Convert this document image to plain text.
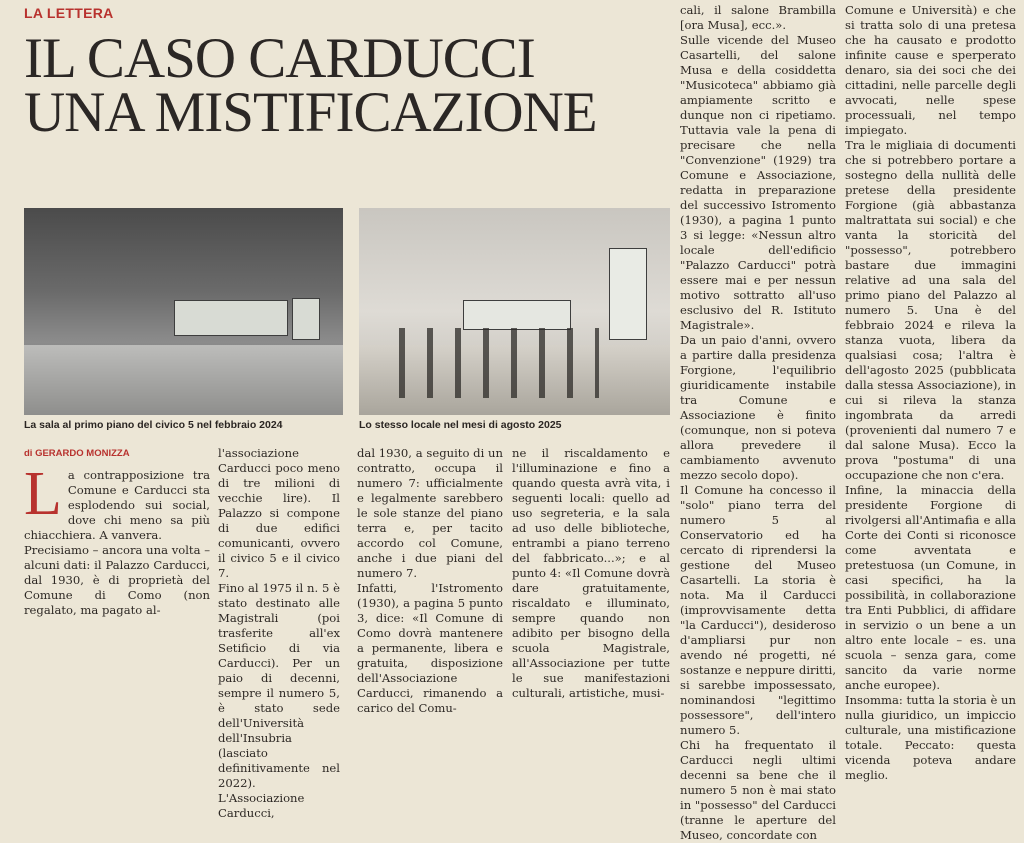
LA LETTERA
IL CASO CARDUCCI
UNA MISTIFICAZIONE
La sala al primo piano del civico 5 nel febbraio 2024	Lo stesso locale nel mesi di agosto 2025
di GERARDO MONIZZA
La contrapposizione tra Comune e Carducci sta esplodendo sui social, dove chi meno sa più chiacchiera. A vanvera.
Precisiamo – ancora una volta – alcuni dati: il Palazzo Carducci, dal 1930, è di proprietà del Comune di Como (non regalato, ma pagato al-
l'associazione Carducci poco meno di tre milioni di vecchie lire). Il Palazzo si compone di due edifici comunicanti, ovvero il civico 5 e il civico 7.
Fino al 1975 il n. 5 è stato destinato alle Magistrali (poi trasferite all'ex Setificio di via Carducci). Per un paio di decenni, sempre il numero 5, è stato sede dell'Università dell'Insubria (lasciato definitivamente nel 2022).
L'Associazione Carducci,
dal 1930, a seguito di un contratto, occupa il numero 7: ufficialmente e legalmente sarebbero le sole stanze del piano terra e, per tacito accordo col Comune, anche i due piani del numero 7.
Infatti, l'Istromento (1930), a pagina 5 punto 3, dice: «Il Comune di Como dovrà mantenere a permanente, libera e gratuita, disposizione dell'Associazione Carducci, rimanendo a carico del Comu-
ne il riscaldamento e l'illuminazione e fino a quando questa avrà vita, i seguenti locali: quello ad uso segreteria, e la sala ad uso delle biblioteche, entrambi a piano terreno del fabbricato...»; e al punto 4: «Il Comune dovrà dare gratuitamente, riscaldato e illuminato, sempre quando non adibito per bisogno della scuola Magistrale, all'Associazione per tutte le sue manifestazioni culturali, artistiche, musi-
cali, il salone Brambilla [ora Musa], ecc.».
Sulle vicende del Museo Casartelli, del salone Musa e della cosiddetta "Musicoteca" abbiamo già ampiamente scritto e dunque non ci ripetiamo. Tuttavia vale la pena di precisare che nella "Convenzione" (1929) tra Comune e Associazione, redatta in preparazione del successivo Istromento (1930), a pagina 1 punto 3 si legge: «Nessun altro locale dell'edificio "Palazzo Carducci" potrà essere mai e per nessun motivo sottratto all'uso esclusivo del R. Istituto Magistrale».
Da un paio d'anni, ovvero a partire dalla presidenza Forgione, l'equilibrio giuridicamente instabile tra Comune e Associazione è finito (comunque, non si poteva allora prevedere il cambiamento avvenuto mezzo secolo dopo).
Il Comune ha concesso il "solo" piano terra del numero 5 al Conservatorio ed ha cercato di riprendersi la gestione del Museo Casartelli. La storia è nota. Ma il Carducci (improvvisamente detta "la Carducci"), desideroso d'ampliarsi pur non avendo né progetti, né sostanze e neppure diritti, si sarebbe impossessato, nominandosi "legittimo possessore", dell'intero numero 5.
Chi ha frequentato il Carducci negli ultimi decenni sa bene che il numero 5 non è mai stato in "possesso" del Carducci (tranne le aperture del Museo, concordate con
Comune e Università) e che si tratta solo di una pretesa che ha causato e prodotto infinite cause e sperperato denaro, sia dei soci che dei cittadini, nelle parcelle degli avvocati, nelle spese processuali, nel tempo impiegato.
Tra le migliaia di documenti che si potrebbero portare a sostegno della nullità delle pretese della presidente Forgione (già abbastanza maltrattata sui social) e che vanta la storicità del "possesso", potrebbero bastare due immagini relative ad una sala del primo piano del Palazzo al numero 5. Una è del febbraio 2024 e rileva la stanza vuota, libera da qualsiasi cosa; l'altra è dell'agosto 2025 (pubblicata dalla stessa Associazione), in cui si rileva la stanza ingombrata da arredi (provenienti dal numero 7 e dal salone Musa). Ecco la prova "postuma" di una occupazione che non c'era.
Infine, la minaccia della presidente Forgione di rivolgersi all'Antimafia e alla Corte dei Conti si riconosce come avventata e pretestuosa (un Comune, in casi specifici, ha la possibilità, in collaborazione tra Enti Pubblici, di affidare in servizio o un bene a un altro ente locale – es. una scuola – senza gara, come sancito da varie norme anche europee).
Insomma: tutta la storia è un nulla giuridico, un impiccio culturale, una mistificazione totale. Peccato: questa vicenda poteva andare meglio.
